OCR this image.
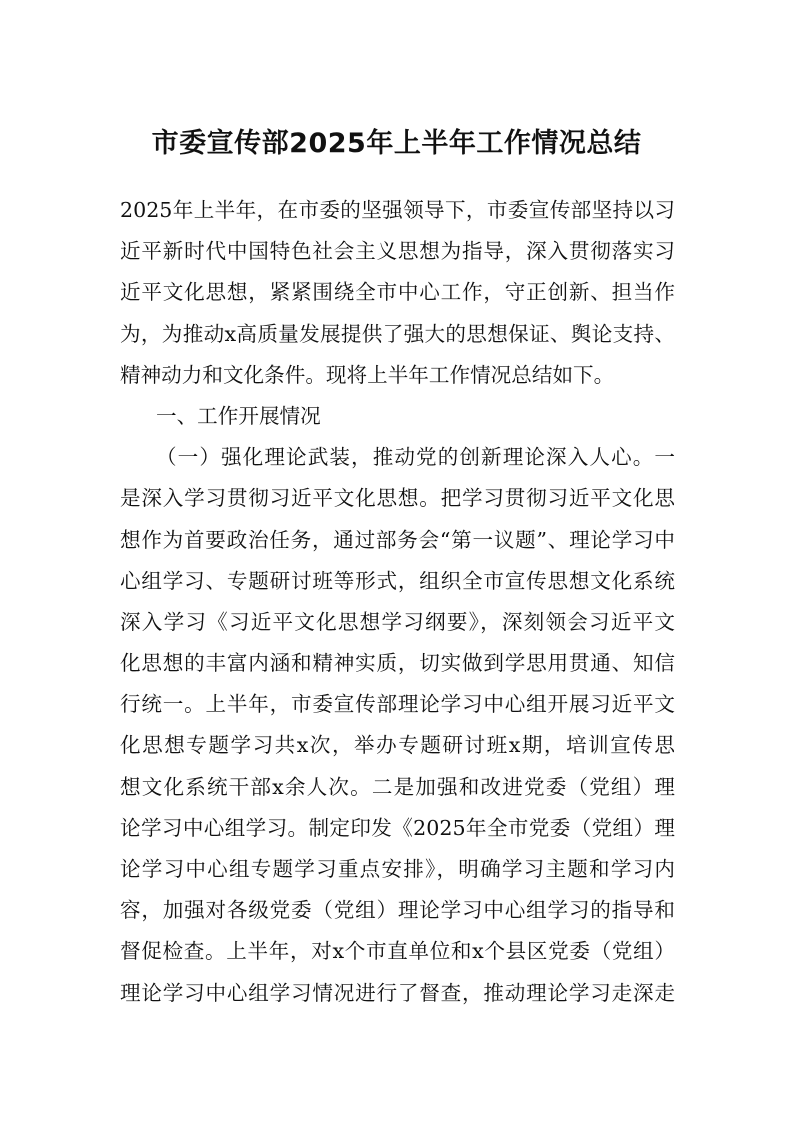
市委宣传部2025年上半年工作情况总结
2025年上半年，在市委的坚强领导下，市委宣传部坚持以习
近平新时代中国特色社会主义思想为指导，深入贯彻落实习
近平文化思想，紧紧围绕全市中心工作，守正创新、担当作
为，为推动x高质量发展提供了强大的思想保证、舆论支持、
精神动力和文化条件。现将上半年工作情况总结如下。
一、工作开展情况
（一）强化理论武装，推动党的创新理论深入人心。一
是深入学习贯彻习近平文化思想。把学习贯彻习近平文化思
想作为首要政治任务，通过部务会“第一议题”、理论学习中
心组学习、专题研讨班等形式，组织全市宣传思想文化系统
深入学习《习近平文化思想学习纲要》，深刻领会习近平文
化思想的丰富内涵和精神实质，切实做到学思用贯通、知信
行统一。上半年，市委宣传部理论学习中心组开展习近平文
化思想专题学习共x次，举办专题研讨班x期，培训宣传思
想文化系统干部x余人次。二是加强和改进党委（党组）理
论学习中心组学习。制定印发《2025年全市党委（党组）理
论学习中心组专题学习重点安排》，明确学习主题和学习内
容，加强对各级党委（党组）理论学习中心组学习的指导和
督促检查。上半年，对x个市直单位和x个县区党委（党组）
理论学习中心组学习情况进行了督查，推动理论学习走深走
